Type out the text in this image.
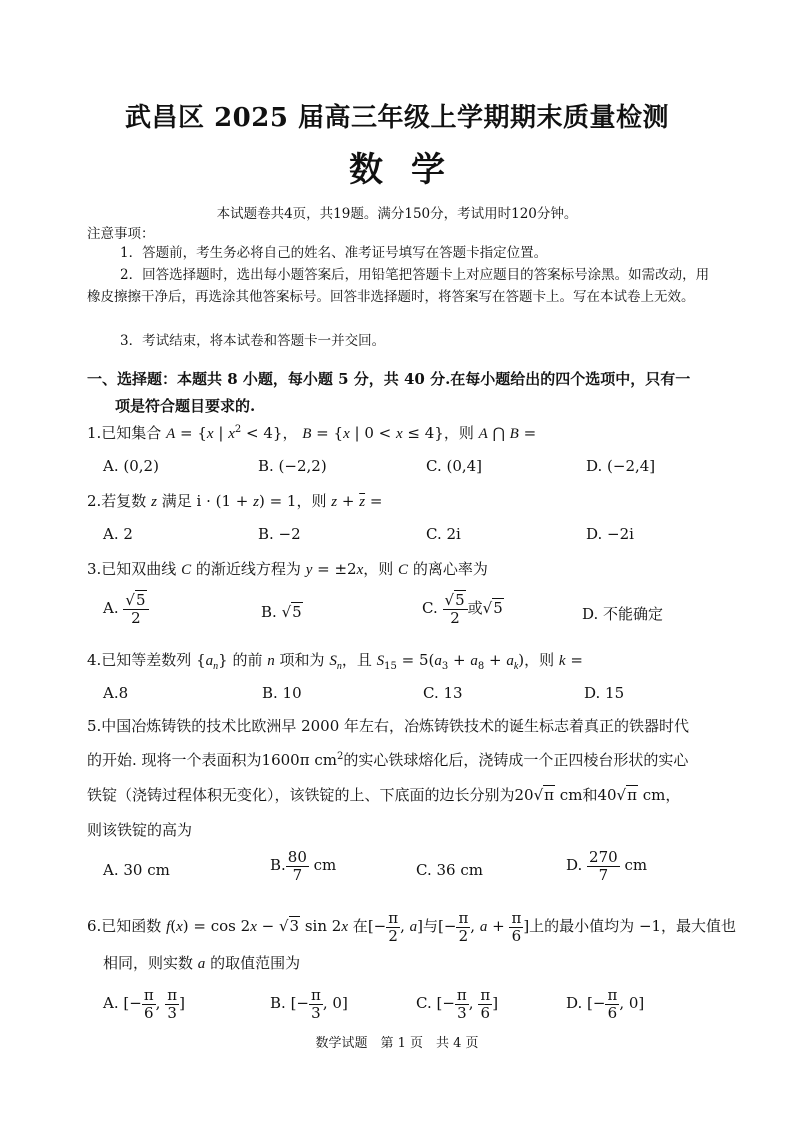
武昌区 2025 届高三年级上学期期末质量检测
数学
本试题卷共4页，共19题。满分150分，考试用时120分钟。
注意事项：
1．答题前，考生务必将自己的姓名、准考证号填写在答题卡指定位置。
2．回答选择题时，选出每小题答案后，用铅笔把答题卡上对应题目的答案标号涂黑。如需改动，用橡皮擦擦干净后，再选涂其他答案标号。回答非选择题时，将答案写在答题卡上。写在本试卷上无效。
3．考试结束，将本试卷和答题卡一并交回。
一、选择题：本题共 8 小题，每小题 5 分，共 40 分.在每小题给出的四个选项中，只有一
项是符合题目要求的.
1.已知集合 A = {x | $x^2 < 4$}， B = {x | 0 < x ≤ 4}，则 A ⋂ B =
A. (0,2)	B. (−2,2)	C. (0,4]	D. (−2,4]
2.若复数 z 满足 i · (1 + z) = 1，则 $z + \overline{z}$ =
A. 2	B. −2	C. 2i	D. −2i
3.已知双曲线 C 的渐近线方程为 y = ±2x，则 C 的离心率为
A. $\frac{√5}{2}$	B. √5	C. $\frac{√5}{2}$ 或√5	D. 不能确定
4.已知等差数列 $\{a_n\}$ 的前 n 项和为 $S_n$，且 $S_{15} = 5(a_3 + a_8 + a_k)$，则 k =
A.8	B. 10	C. 13	D. 15
5.中国冶炼铸铁的技术比欧洲早 2000 年左右，冶炼铸铁技术的诞生标志着真正的铁器时代
的开始. 现将一个表面积为1600π $cm^2$的实心铁球熔化后，浇铸成一个正四棱台形状的实心
铁锭（浇铸过程体积无变化），该铁锭的上、下底面的边长分别为20√π cm和40√π cm，
则该铁锭的高为
A. 30 cm	B. $\frac{80}{7}$ cm	C. 36 cm	D. $\frac{270}{7}$ cm
6.已知函数 f(x) = cos 2x − √3 sin 2x 在[− $\frac{\pi}{2}$ , a]与[− $\frac{\pi}{2}$ , $a + \frac{\pi}{6}$ ]上的最小值均为 −1，最大值也
相同，则实数 a 的取值范围为
A. [− $\frac{\pi}{6}$ , $\frac{\pi}{3}$ ]	B. [− $\frac{\pi}{3}$ , 0]	C. [− $\frac{\pi}{3}$ , $\frac{\pi}{6}$ ]	D. [− $\frac{\pi}{6}$ , 0]
数学试题　第 1 页　共 4 页
